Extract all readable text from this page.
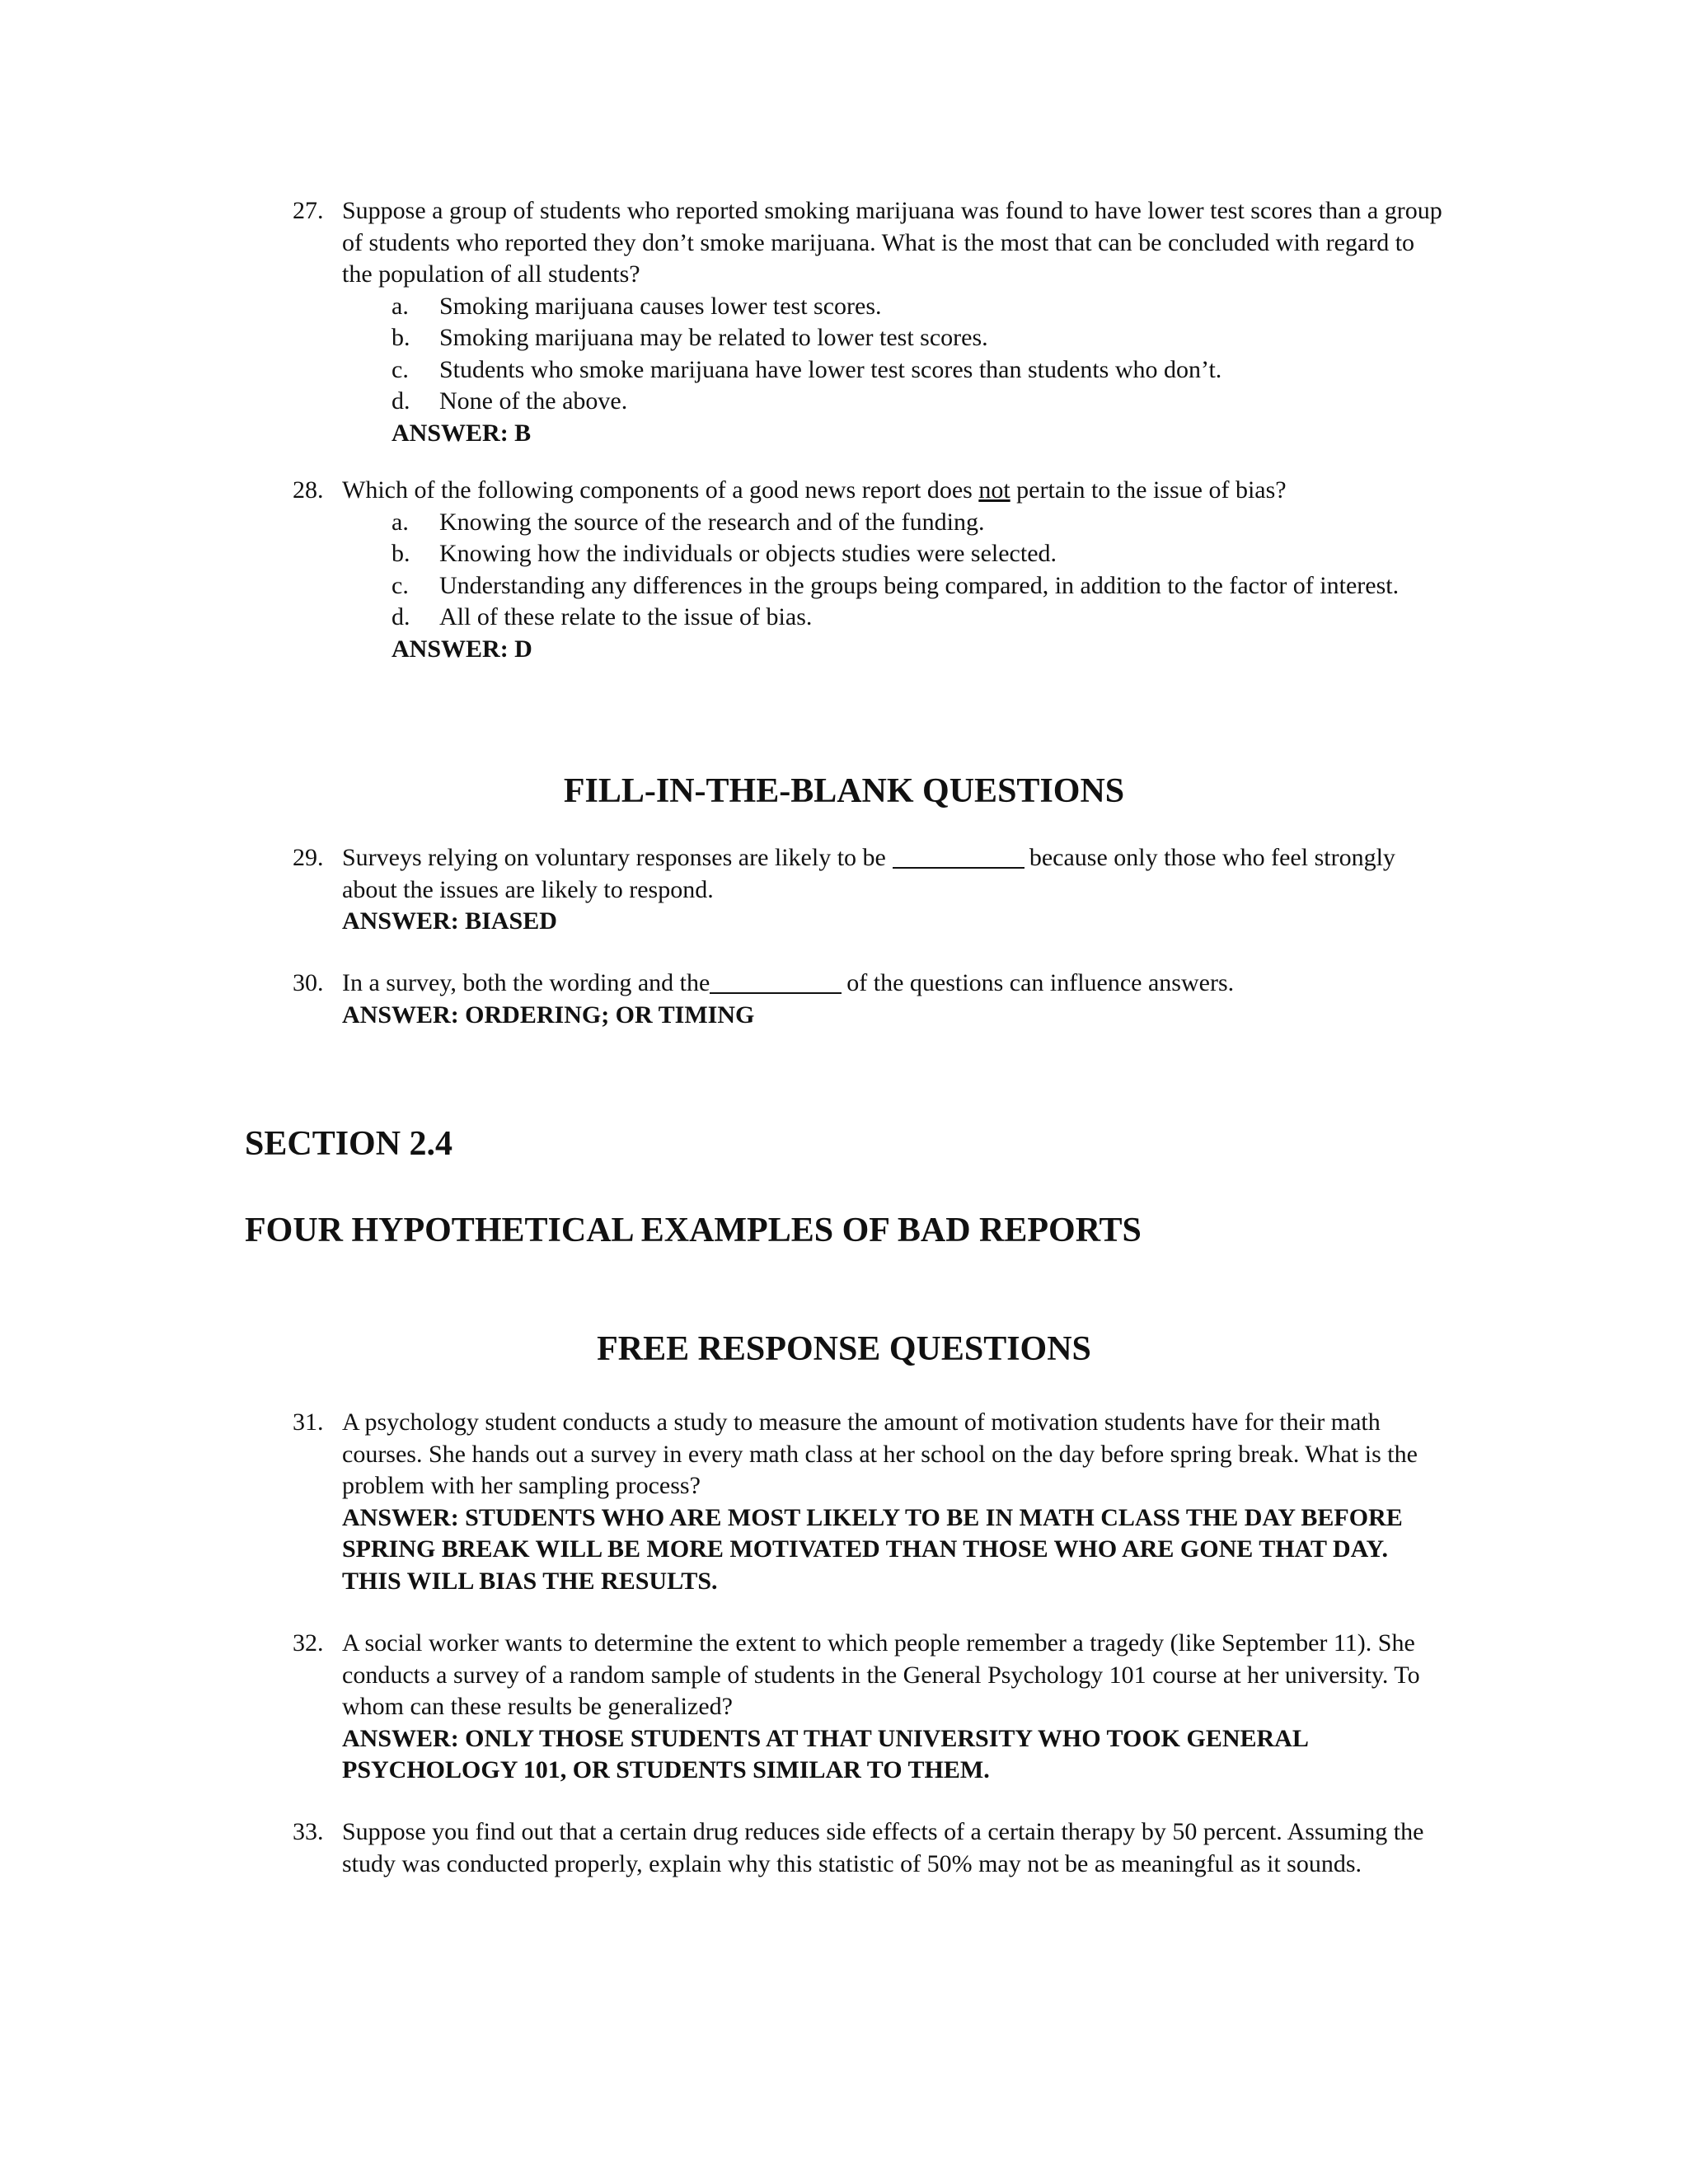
27. Suppose a group of students who reported smoking marijuana was found to have lower test scores than a group of students who reported they don’t smoke marijuana. What is the most that can be concluded with regard to the population of all students?
a. Smoking marijuana causes lower test scores.
b. Smoking marijuana may be related to lower test scores.
c. Students who smoke marijuana have lower test scores than students who don’t.
d. None of the above.
ANSWER: B
28. Which of the following components of a good news report does not pertain to the issue of bias?
a. Knowing the source of the research and of the funding.
b. Knowing how the individuals or objects studies were selected.
c. Understanding any differences in the groups being compared, in addition to the factor of interest.
d. All of these relate to the issue of bias.
ANSWER: D
FILL-IN-THE-BLANK QUESTIONS
29. Surveys relying on voluntary responses are likely to be	because only those who feel strongly about the issues are likely to respond.
ANSWER: BIASED
30. In a survey, both the wording and the	of the questions can influence answers.
ANSWER: ORDERING; OR TIMING
SECTION 2.4
FOUR HYPOTHETICAL EXAMPLES OF BAD REPORTS
FREE RESPONSE QUESTIONS
31. A psychology student conducts a study to measure the amount of motivation students have for their math courses. She hands out a survey in every math class at her school on the day before spring break. What is the problem with her sampling process?
ANSWER: STUDENTS WHO ARE MOST LIKELY TO BE IN MATH CLASS THE DAY BEFORE SPRING BREAK WILL BE MORE MOTIVATED THAN THOSE WHO ARE GONE THAT DAY. THIS WILL BIAS THE RESULTS.
32. A social worker wants to determine the extent to which people remember a tragedy (like September 11). She conducts a survey of a random sample of students in the General Psychology 101 course at her university. To whom can these results be generalized?
ANSWER: ONLY THOSE STUDENTS AT THAT UNIVERSITY WHO TOOK GENERAL PSYCHOLOGY 101, OR STUDENTS SIMILAR TO THEM.
33. Suppose you find out that a certain drug reduces side effects of a certain therapy by 50 percent. Assuming the study was conducted properly, explain why this statistic of 50% may not be as meaningful as it sounds.
